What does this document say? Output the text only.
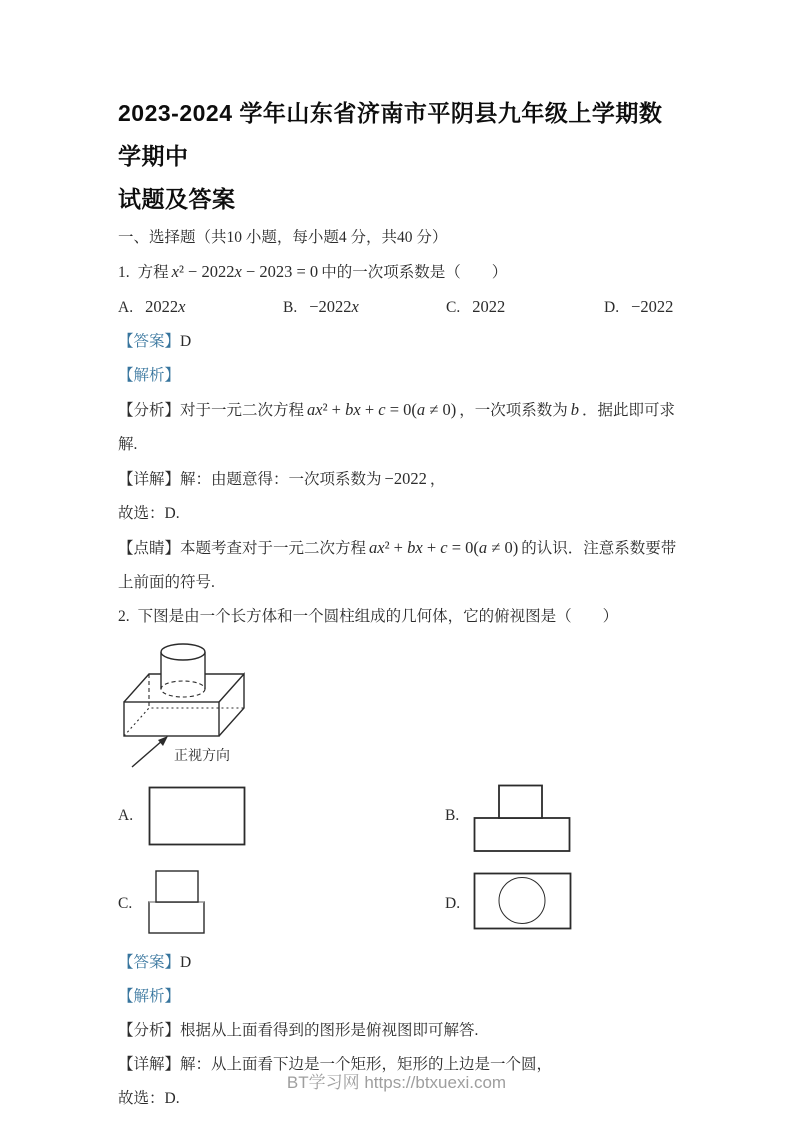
2023-2024 学年山东省济南市平阴县九年级上学期数学期中
试题及答案

一、选择题（共10 小题，每小题4 分，共40 分）

1. 方程 x² − 2022x − 2023 = 0 中的一次项系数是（　　）

A. 2022x	B. −2022x	C. 2022	D. −2022

【答案】D

【解析】

【分析】对于一元二次方程 ax² + bx + c = 0(a ≠ 0) ，一次项系数为 b ．据此即可求解.

【详解】解：由题意得：一次项系数为 −2022 ，

故选：D.

【点睛】本题考查对于一元二次方程 ax² + bx + c = 0(a ≠ 0) 的认识．注意系数要带上前面的符号.

2. 下图是由一个长方体和一个圆柱组成的几何体，它的俯视图是（　　）

正视方向
A.	B.
C.	D.

【答案】D

【解析】

【分析】根据从上面看得到的图形是俯视图即可解答.

【详解】解：从上面看下边是一个矩形，矩形的上边是一个圆，

故选：D.

BT学习网 https://btxuexi.com
